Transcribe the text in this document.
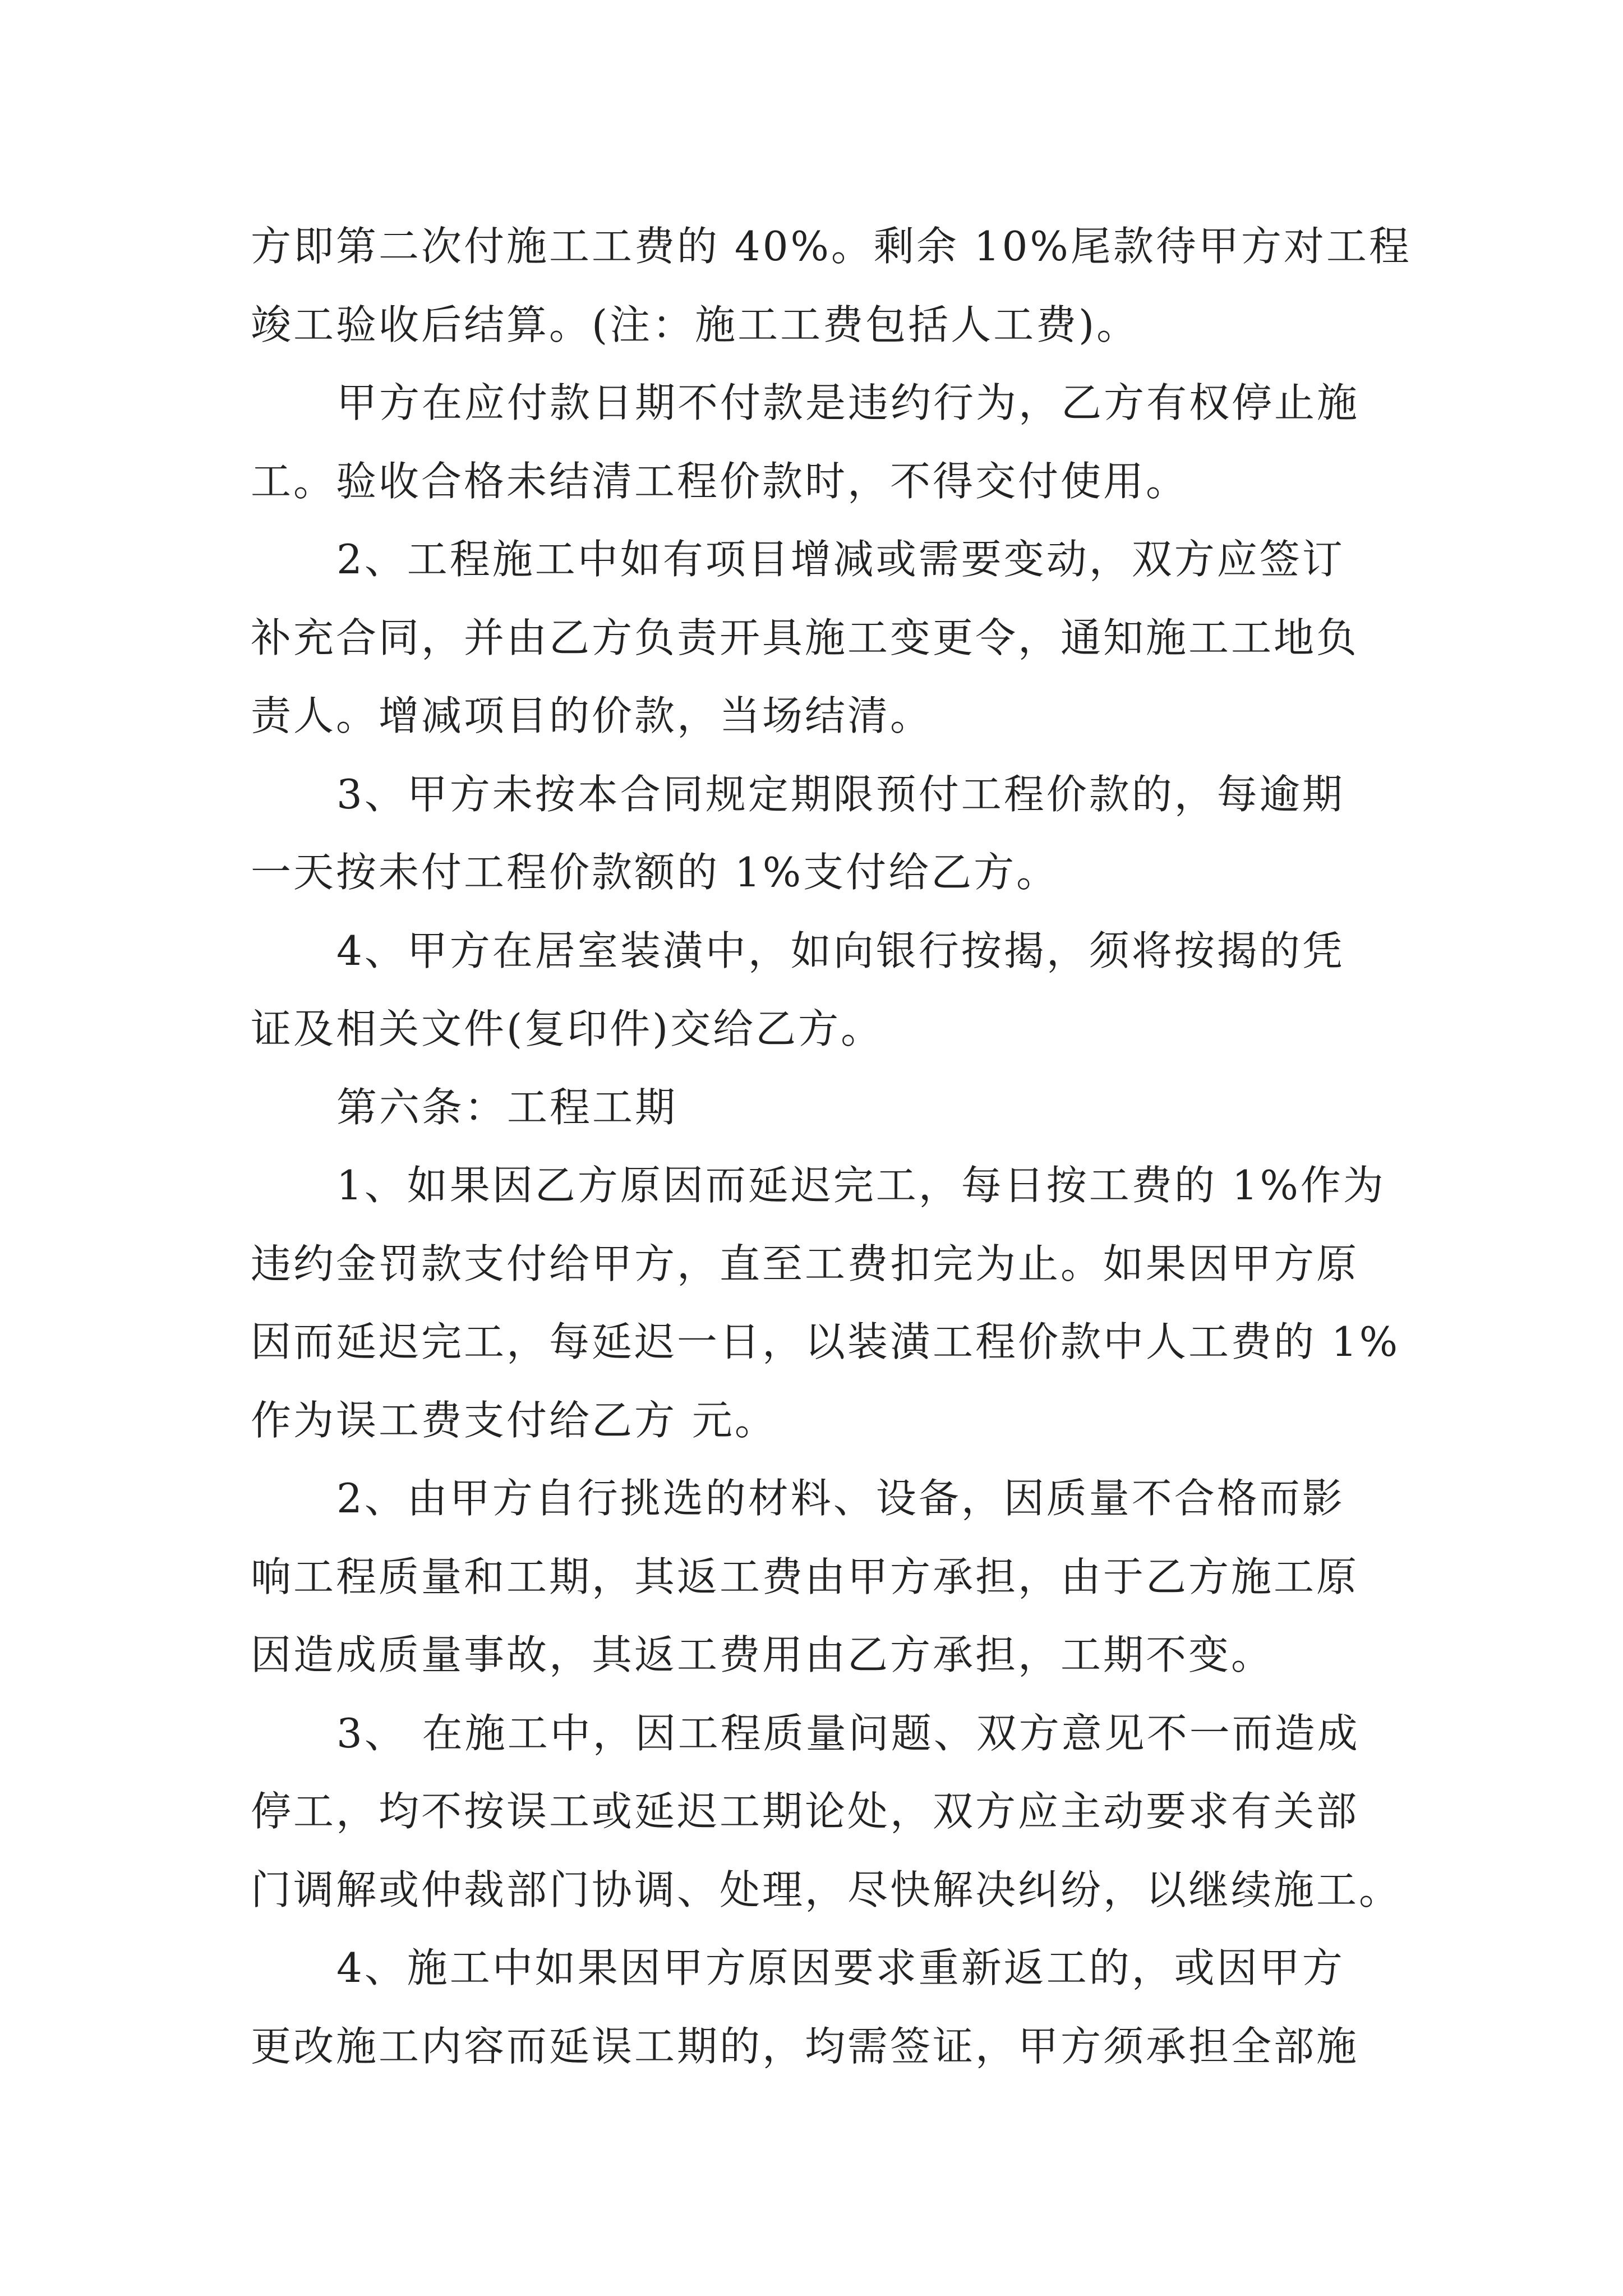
方即第二次付施工工费的 40%。剩余 10%尾款待甲方对工程
竣工验收后结算。(注：施工工费包括人工费)。
甲方在应付款日期不付款是违约行为，乙方有权停止施
工。验收合格未结清工程价款时，不得交付使用。
2、工程施工中如有项目增减或需要变动，双方应签订
补充合同，并由乙方负责开具施工变更令，通知施工工地负
责人。增减项目的价款，当场结清。
3、甲方未按本合同规定期限预付工程价款的，每逾期
一天按未付工程价款额的 1%支付给乙方。
4、甲方在居室装潢中，如向银行按揭，须将按揭的凭
证及相关文件(复印件)交给乙方。
第六条：工程工期
1、如果因乙方原因而延迟完工，每日按工费的 1%作为
违约金罚款支付给甲方，直至工费扣完为止。如果因甲方原
因而延迟完工，每延迟一日，以装潢工程价款中人工费的 1%
作为误工费支付给乙方 元。
2、由甲方自行挑选的材料、设备，因质量不合格而影
响工程质量和工期，其返工费由甲方承担，由于乙方施工原
因造成质量事故，其返工费用由乙方承担，工期不变。
3、 在施工中，因工程质量问题、双方意见不一而造成
停工，均不按误工或延迟工期论处，双方应主动要求有关部
门调解或仲裁部门协调、处理，尽快解决纠纷，以继续施工。
4、施工中如果因甲方原因要求重新返工的，或因甲方
更改施工内容而延误工期的，均需签证，甲方须承担全部施
